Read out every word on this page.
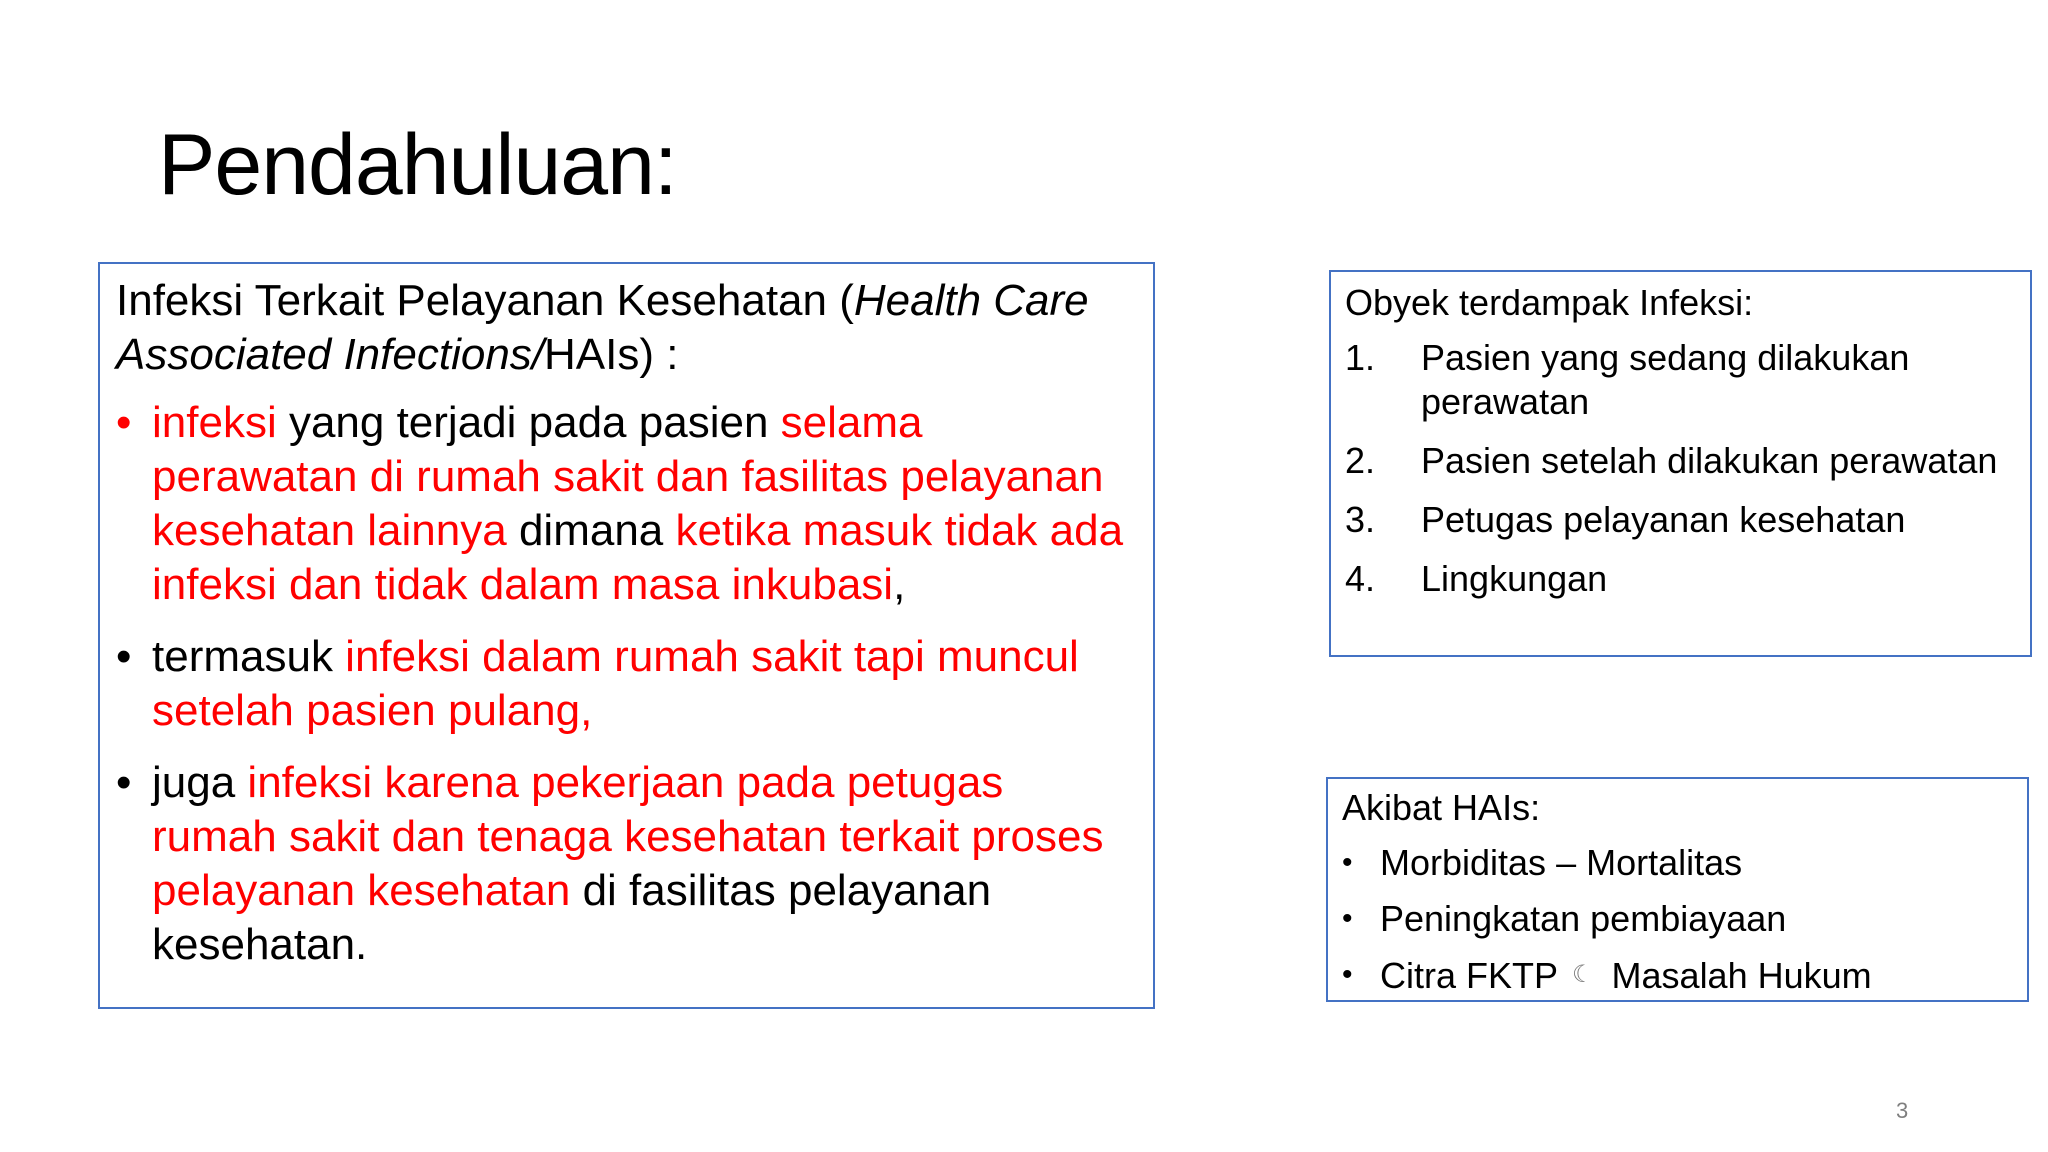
Pendahuluan:

Infeksi Terkait Pelayanan Kesehatan (Health Care Associated Infections/HAIs) :

• infeksi yang terjadi pada pasien selama perawatan di rumah sakit dan fasilitas pelayanan kesehatan lainnya dimana ketika masuk tidak ada infeksi dan tidak dalam masa inkubasi,
• termasuk infeksi dalam rumah sakit tapi muncul setelah pasien pulang,
• juga infeksi karena pekerjaan pada petugas rumah sakit dan tenaga kesehatan terkait proses pelayanan kesehatan di fasilitas pelayanan kesehatan.

Obyek terdampak Infeksi:

1. Pasien yang sedang dilakukan perawatan
2. Pasien setelah dilakukan perawatan
3. Petugas pelayanan kesehatan
4. Lingkungan

Akibat HAIs:

• Morbiditas – Mortalitas
• Peningkatan pembiayaan
• Citra FKTP ☾ Masalah Hukum
3
